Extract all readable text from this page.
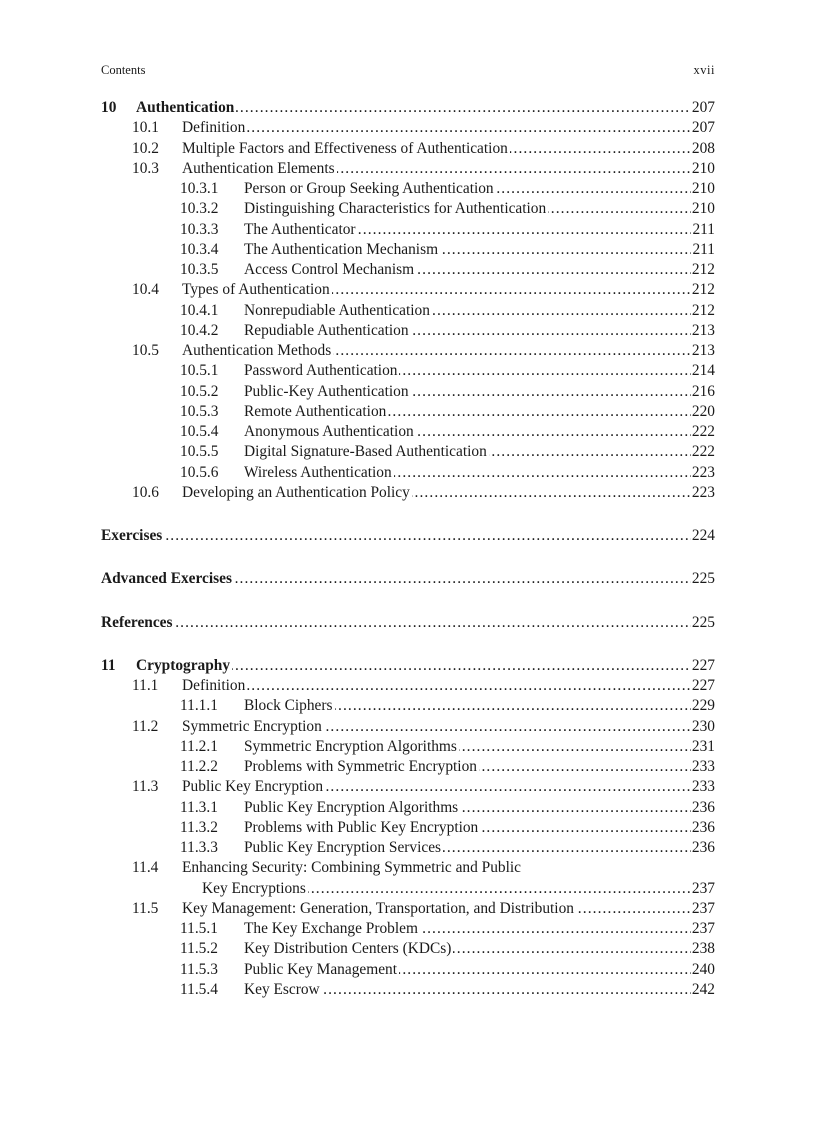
Contents	xvii
.....
10 Authentication	207
.....
10.1 Definition	207
.....
10.2 Multiple Factors and Effectiveness of Authentication	208
.....
10.3 Authentication Elements	210
.....
10.3.1 Person or Group Seeking Authentication	210
.....
10.3.2 Distinguishing Characteristics for Authentication	210
.....
10.3.3 The Authenticator	211
.....
10.3.4 The Authentication Mechanism	211
.....
10.3.5 Access Control Mechanism	212
.....
10.4 Types of Authentication	212
.....
10.4.1 Nonrepudiable Authentication	212
.....
10.4.2 Repudiable Authentication	213
.....
10.5 Authentication Methods	213
.....
10.5.1 Password Authentication	214
.....
10.5.2 Public-Key Authentication	216
.....
10.5.3 Remote Authentication	220
.....
10.5.4 Anonymous Authentication	222
.....
10.5.5 Digital Signature-Based Authentication	222
.....
10.5.6 Wireless Authentication	223
.....
10.6 Developing an Authentication Policy	223
.....
Exercises	224
.....
Advanced Exercises	225
.....
References	225
.....
11 Cryptography	227
.....
11.1 Definition	227
.....
11.1.1 Block Ciphers	229
.....
11.2 Symmetric Encryption	230
.....
11.2.1 Symmetric Encryption Algorithms	231
.....
11.2.2 Problems with Symmetric Encryption	233
.....
11.3 Public Key Encryption	233
.....
11.3.1 Public Key Encryption Algorithms	236
.....
11.3.2 Problems with Public Key Encryption	236
.....
11.3.3 Public Key Encryption Services	236
11.4 Enhancing Security: Combining Symmetric and Public
.....
Key Encryptions	237
.....
11.5 Key Management: Generation, Transportation, and Distribution	237
.....
11.5.1 The Key Exchange Problem	237
.....
11.5.2 Key Distribution Centers (KDCs)	238
.....
11.5.3 Public Key Management	240
.....
11.5.4 Key Escrow	242
